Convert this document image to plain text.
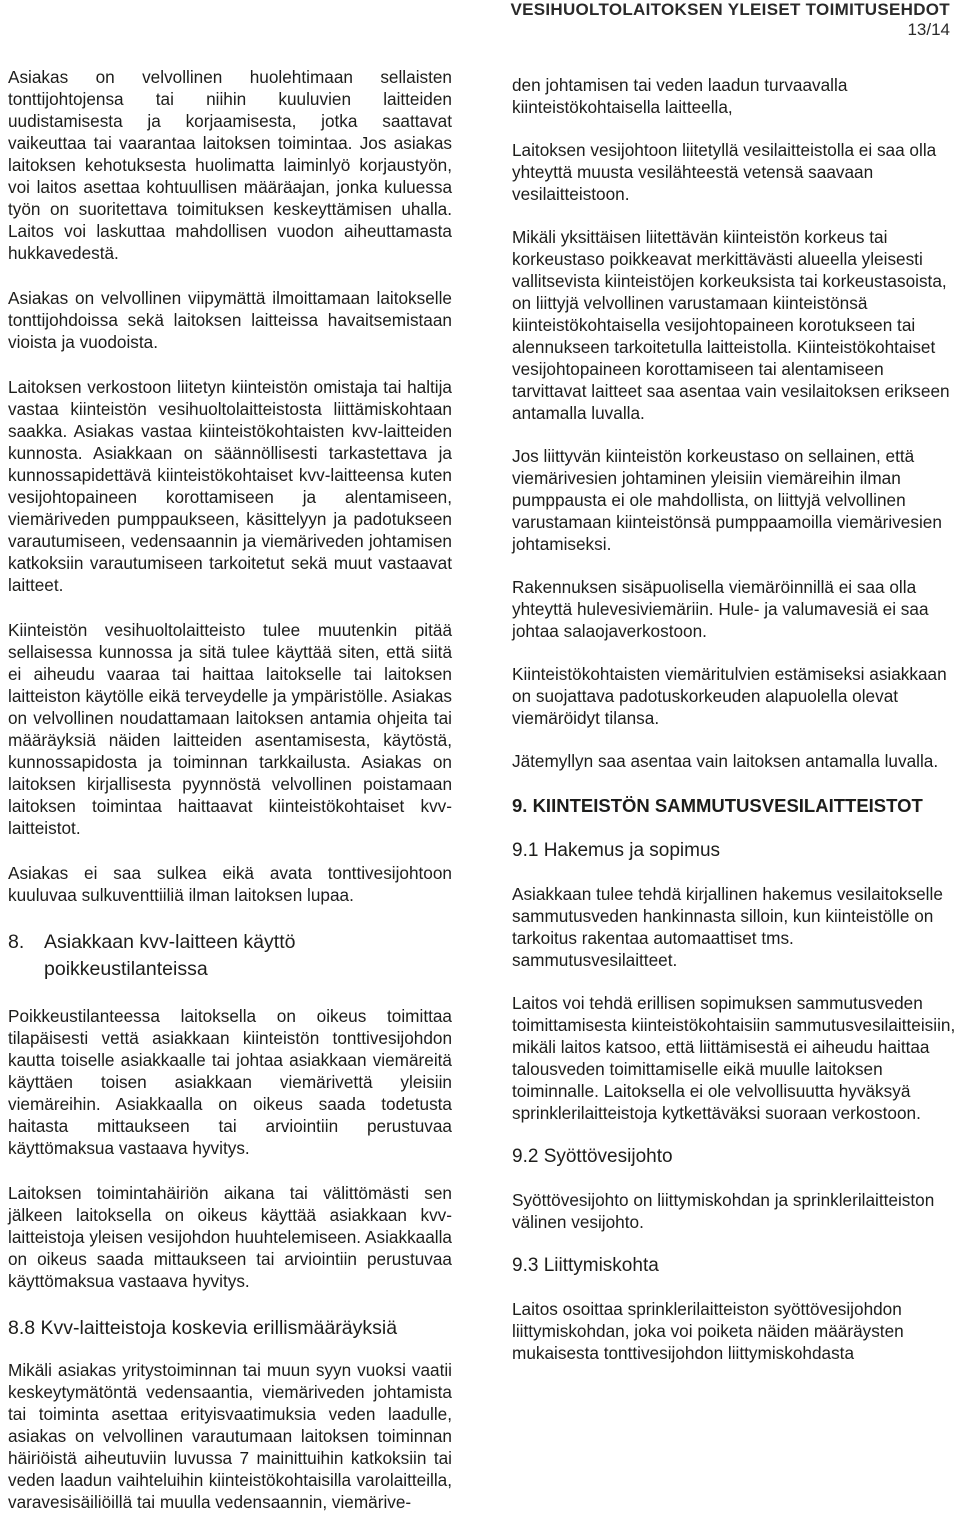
VESIHUOLTOLAITOKSEN YLEISET TOIMITUSEHDOT
13/14

Asiakas on velvollinen huolehtimaan sellaisten tonttijohtojensa tai niihin kuuluvien laitteiden uudistamisesta ja korjaamisesta, jotka saattavat vaikeuttaa tai vaarantaa laitoksen toimintaa. Jos asiakas laitoksen kehotuksesta huolimatta laiminlyö korjaustyön, voi laitos asettaa kohtuullisen määräajan, jonka kuluessa työn on suoritettava toimituksen keskeyttämisen uhalla. Laitos voi laskuttaa mahdollisen vuodon aiheuttamasta hukkavedestä.

Asiakas on velvollinen viipymättä ilmoittamaan laitokselle tonttijohdoissa sekä laitoksen laitteissa havaitsemistaan vioista ja vuodoista.

Laitoksen verkostoon liitetyn kiinteistön omistaja tai haltija vastaa kiinteistön vesihuoltolaitteistosta liittämiskohtaan saakka. Asiakas vastaa kiinteistökohtaisten kvv-laitteiden kunnosta. Asiakkaan on säännöllisesti tarkastettava ja kunnossapidettävä kiinteistökohtaiset kvv-laitteensa kuten vesijohtopaineen korottamiseen ja alentamiseen, viemäriveden pumppaukseen, käsittelyyn ja padotukseen varautumiseen, vedensaannin ja viemäriveden johtamisen katkoksiin varautumiseen tarkoitetut sekä muut vastaavat laitteet.

Kiinteistön vesihuoltolaitteisto tulee muutenkin pitää sellaisessa kunnossa ja sitä tulee käyttää siten, että siitä ei aiheudu vaaraa tai haittaa laitokselle tai laitoksen laitteiston käytölle eikä terveydelle ja ympäristölle. Asiakas on velvollinen noudattamaan laitoksen antamia ohjeita tai määräyksiä näiden laitteiden asentamisesta, käytöstä, kunnossapidosta ja toiminnan tarkkailusta. Asiakas on laitoksen kirjallisesta pyynnöstä velvollinen poistamaan laitoksen toimintaa haittaavat kiinteistökohtaiset kvv-laitteistot.

Asiakas ei saa sulkea eikä avata tonttivesijohtoon kuuluvaa sulkuventtiiliä ilman laitoksen lupaa.

8.	Asiakkaan kvv-laitteen käyttö poikkeustilanteissa

Poikkeustilanteessa laitoksella on oikeus toimittaa tilapäisesti vettä asiakkaan kiinteistön tonttivesijohdon kautta toiselle asiakkaalle tai johtaa asiakkaan viemäreitä käyttäen toisen asiakkaan viemärivettä yleisiin viemäreihin. Asiakkaalla on oikeus saada todetusta haitasta mittaukseen tai arviointiin perustuvaa käyttömaksua vastaava hyvitys.

Laitoksen toimintahäiriön aikana tai välittömästi sen jälkeen laitoksella on oikeus käyttää asiakkaan kvv-laitteistoja yleisen vesijohdon huuhtelemiseen. Asiakkaalla on oikeus saada mittaukseen tai arviointiin perustuvaa käyttömaksua vastaava hyvitys.

8.8 Kvv-laitteistoja koskevia erillismääräyksiä

Mikäli asiakas yritystoiminnan tai muun syyn vuoksi vaatii keskeytymätöntä vedensaantia, viemäriveden johtamista tai toiminta asettaa erityisvaatimuksia veden laadulle, asiakas on velvollinen varautumaan laitoksen toiminnan häiriöistä aiheutuviin luvussa 7 mainittuihin katkoksiin tai veden laadun vaihteluihin kiinteistökohtaisilla varolaitteilla, varavesisäiliöillä tai muulla vedensaannin, viemärive-

den johtamisen tai veden laadun turvaavalla kiinteistökohtaisella laitteella,

Laitoksen vesijohtoon liitetyllä vesilaitteistolla ei saa olla yhteyttä muusta vesilähteestä vetensä saavaan vesilaitteistoon.

Mikäli yksittäisen liitettävän kiinteistön korkeus tai korkeustaso poikkeavat merkittävästi alueella yleisesti vallitsevista kiinteistöjen korkeuksista tai korkeustasoista, on liittyjä velvollinen varustamaan kiinteistönsä kiinteistökohtaisella vesijohtopaineen korotukseen tai alennukseen tarkoitetulla laitteistolla. Kiinteistökohtaiset vesijohtopaineen korottamiseen tai alentamiseen tarvittavat laitteet saa asentaa vain vesilaitoksen erikseen antamalla luvalla.

Jos liittyvän kiinteistön korkeustaso on sellainen, että viemärivesien johtaminen yleisiin viemäreihin ilman pumppausta ei ole mahdollista, on liittyjä velvollinen varustamaan kiinteistönsä pumppaamoilla viemärivesien johtamiseksi.

Rakennuksen sisäpuolisella viemäröinnillä ei saa olla yhteyttä hulevesiviemäriin. Hule- ja valumavesiä ei saa johtaa salaojaverkostoon.

Kiinteistökohtaisten viemäritulvien estämiseksi asiakkaan on suojattava padotuskorkeuden alapuolella olevat viemäröidyt tilansa.

Jätemyllyn saa asentaa vain laitoksen antamalla luvalla.

9. KIINTEISTÖN SAMMUTUSVESILAITTEISTOT
9.1 Hakemus ja sopimus

Asiakkaan tulee tehdä kirjallinen hakemus vesilaitokselle sammutusveden hankinnasta silloin, kun kiinteistölle on tarkoitus rakentaa automaattiset tms. sammutusvesilaitteet.

Laitos voi tehdä erillisen sopimuksen sammutusveden toimittamisesta kiinteistökohtaisiin sammutusvesilaitteisiin, mikäli laitos katsoo, että liittämisestä ei aiheudu haittaa talousveden toimittamiselle eikä muulle laitoksen toiminnalle. Laitoksella ei ole velvollisuutta hyväksyä sprinklerilaitteistoja kytkettäväksi suoraan verkostoon.

9.2 Syöttövesijohto

Syöttövesijohto on liittymiskohdan ja sprinklerilaitteiston välinen vesijohto.

9.3 Liittymiskohta

Laitos osoittaa sprinklerilaitteiston syöttövesijohdon liittymiskohdan, joka voi poiketa näiden määräysten mukaisesta tonttivesijohdon liittymiskohdasta
